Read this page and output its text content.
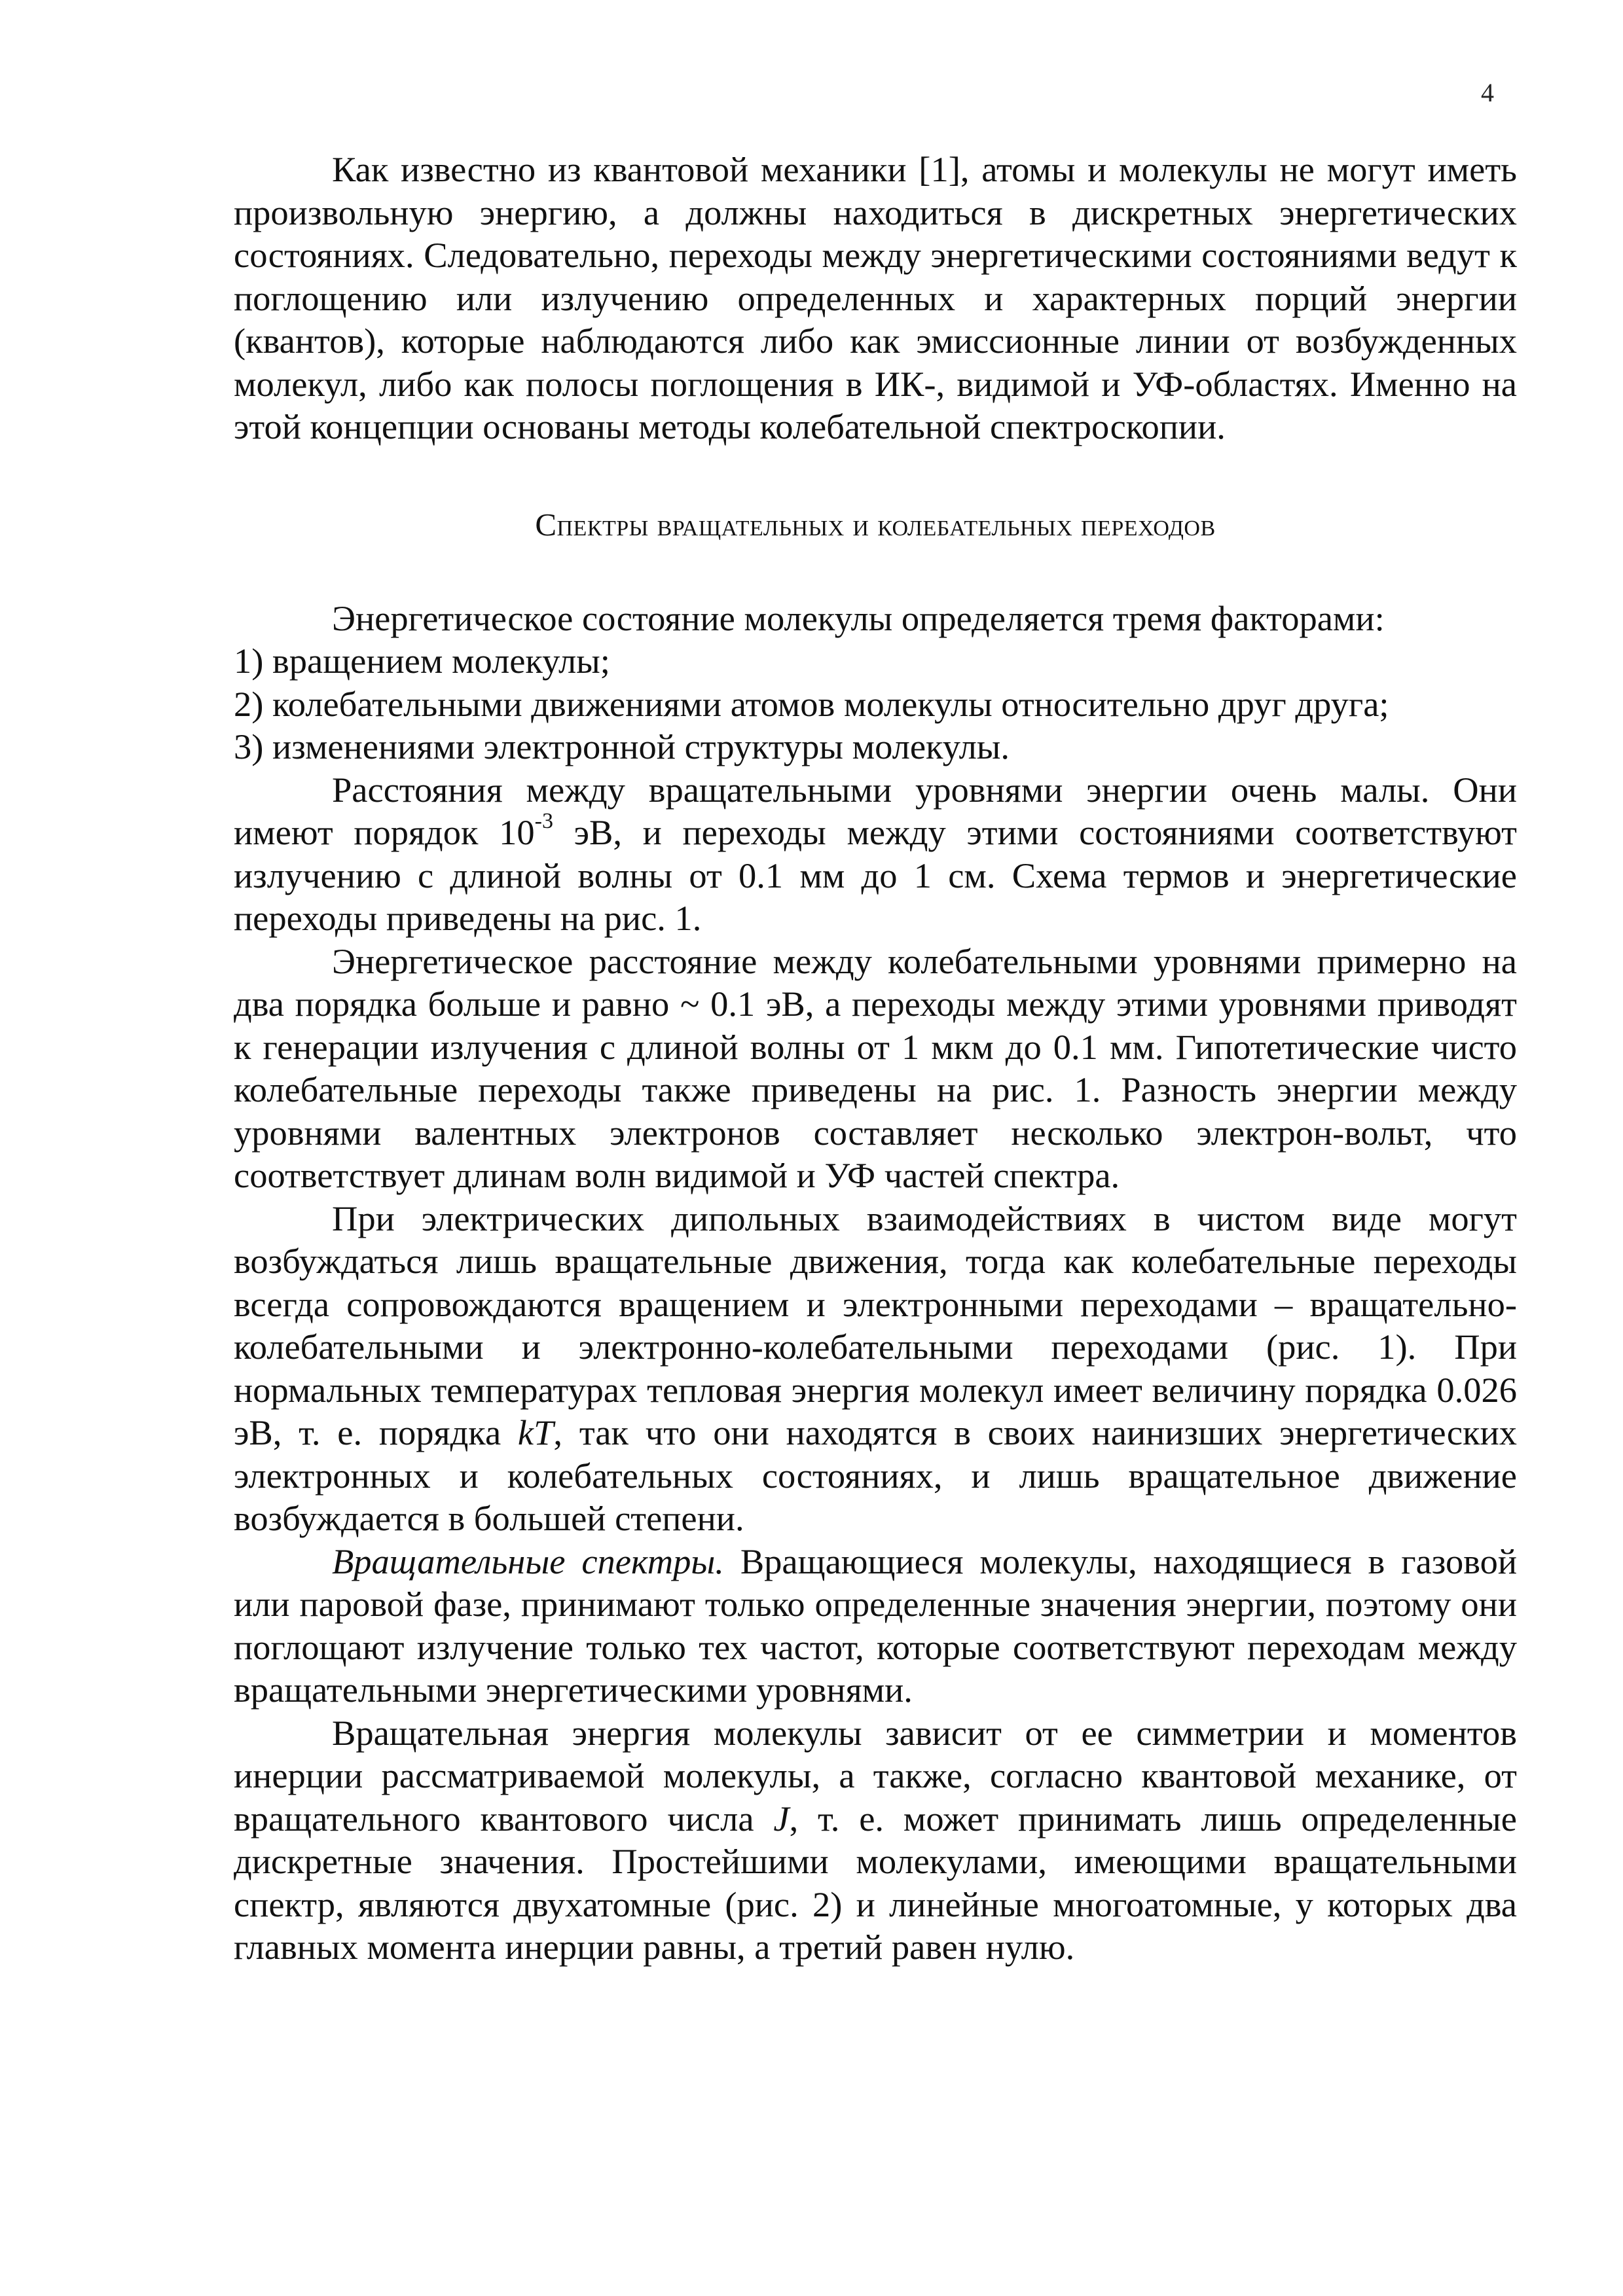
4

Как известно из квантовой механики [1], атомы и молекулы не могут иметь произвольную энергию, а должны находиться в дискретных энергетических состояниях. Следовательно, переходы между энергетическими состояниями ведут к поглощению или излучению определенных и характерных порций энергии (квантов), которые наблюдаются либо как эмиссионные линии от возбужденных молекул, либо как полосы поглощения в ИК-, видимой и УФ-областях. Именно на этой концепции основаны методы колебательной спектроскопии.

Спектры вращательных и колебательных переходов

Энергетическое состояние молекулы определяется тремя факторами:

1) вращением молекулы;

2) колебательными движениями атомов молекулы относительно друг друга;

3) изменениями электронной структуры молекулы.

Расстояния между вращательными уровнями энергии очень малы. Они имеют порядок $10^{-3}$ эВ, и переходы между этими состояниями соответствуют излучению с длиной волны от 0.1 мм до 1 см. Схема термов и энергетические переходы приведены на рис. 1.

Энергетическое расстояние между колебательными уровнями примерно на два порядка больше и равно ~ 0.1 эВ, а переходы между этими уровнями приводят к генерации излучения с длиной волны от 1 мкм до 0.1 мм. Гипотетические чисто колебательные переходы также приведены на рис. 1. Разность энергии между уровнями валентных электронов составляет несколько электрон-вольт, что соответствует длинам волн видимой и УФ частей спектра.

При электрических дипольных взаимодействиях в чистом виде могут возбуждаться лишь вращательные движения, тогда как колебательные переходы всегда сопровождаются вращением и электронными переходами – вращательно-колебательными и электронно-колебательными переходами (рис. 1). При нормальных температурах тепловая энергия молекул имеет величину порядка 0.026 эВ, т. е. порядка kT, так что они находятся в своих наинизших энергетических электронных и колебательных состояниях, и лишь вращательное движение возбуждается в большей степени.

Вращательные спектры. Вращающиеся молекулы, находящиеся в газовой или паровой фазе, принимают только определенные значения энергии, поэтому они поглощают излучение только тех частот, которые соответствуют переходам между вращательными энергетическими уровнями.

Вращательная энергия молекулы зависит от ее симметрии и моментов инерции рассматриваемой молекулы, а также, согласно квантовой механике, от вращательного квантового числа J, т. е. может принимать лишь определенные дискретные значения. Простейшими молекулами, имеющими вращательными спектр, являются двухатомные (рис. 2) и линейные многоатомные, у которых два главных момента инерции равны, а третий равен нулю.
